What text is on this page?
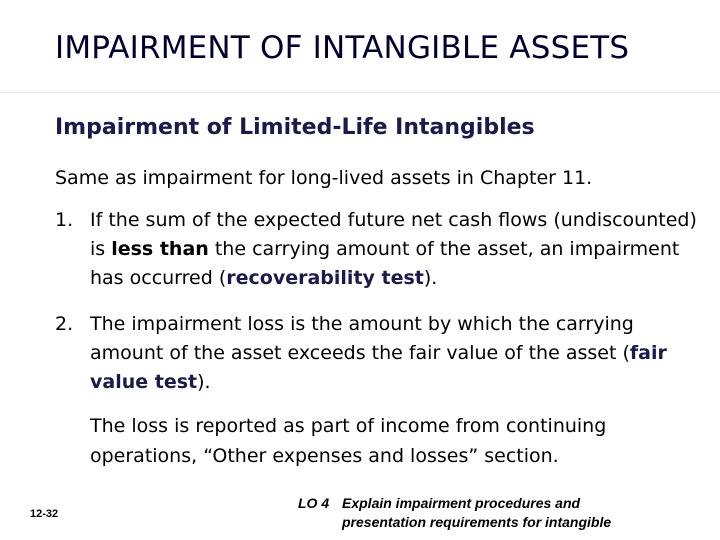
IMPAIRMENT OF INTANGIBLE ASSETS
Impairment of Limited-Life Intangibles
Same as impairment for long-lived assets in Chapter 11.
1. If the sum of the expected future net cash flows (undiscounted) is less than the carrying amount of the asset, an impairment has occurred (recoverability test).
2. The impairment loss is the amount by which the carrying amount of the asset exceeds the fair value of the asset (fair value test).
The loss is reported as part of income from continuing operations, “Other expenses and losses” section.
12-32
LO 4 Explain impairment procedures and
presentation requirements for intangible
